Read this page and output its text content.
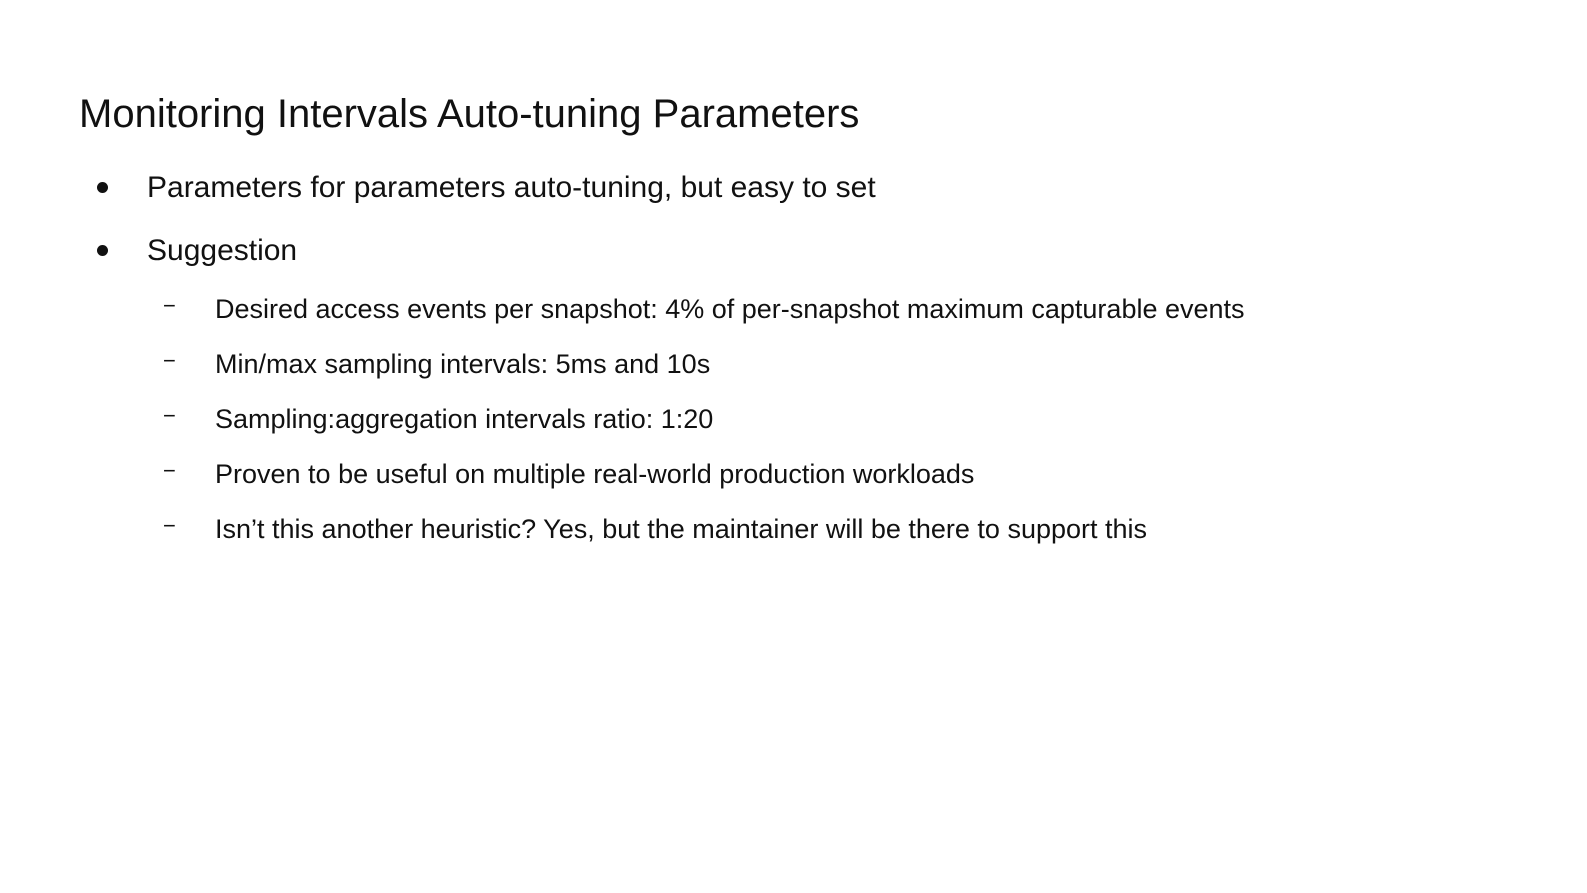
Monitoring Intervals Auto-tuning Parameters
Parameters for parameters auto-tuning, but easy to set
Suggestion
− Desired access events per snapshot: 4% of per-snapshot maximum capturable events
− Min/max sampling intervals: 5ms and 10s
− Sampling:aggregation intervals ratio: 1:20
− Proven to be useful on multiple real-world production workloads
− Isn’t this another heuristic? Yes, but the maintainer will be there to support this
